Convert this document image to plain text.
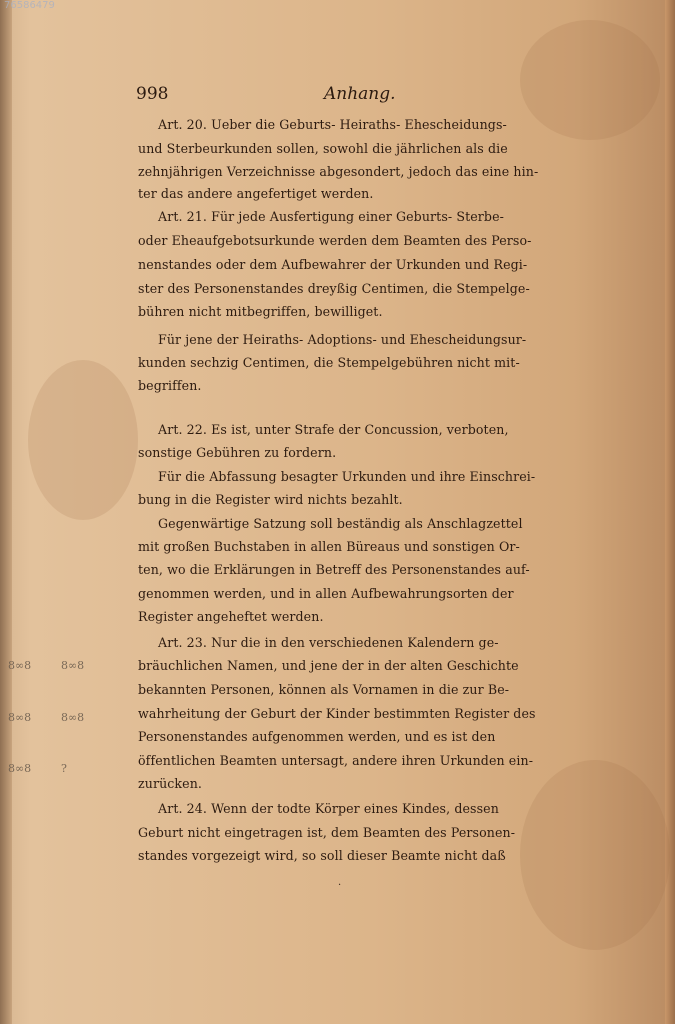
76586479
998	Anhang.
Art. 20. Ueber die Geburts- Heiraths- Ehescheidungs-
und Sterbeurkunden sollen, sowohl die jährlichen als die
zehnjährigen Verzeichnisse abgesondert, jedoch das eine hin-
ter das andere angefertiget werden.
Art. 21. Für jede Ausfertigung einer Geburts- Sterbe-
oder Eheaufgebotsurkunde werden dem Beamten des Perso-
nenstandes oder dem Aufbewahrer der Urkunden und Regi-
ster des Personenstandes dreyßig Centimen, die Stempelge-
bühren nicht mitbegriffen, bewilliget.
Für jene der Heiraths- Adoptions- und Ehescheidungsur-
kunden sechzig Centimen, die Stempelgebühren nicht mit-
begriffen.
Art. 22. Es ist, unter Strafe der Concussion, verboten,
sonstige Gebühren zu fordern.
Für die Abfassung besagter Urkunden und ihre Einschrei-
bung in die Register wird nichts bezahlt.
Gegenwärtige Satzung soll beständig als Anschlagzettel
mit großen Buchstaben in allen Büreaus und sonstigen Or-
ten, wo die Erklärungen in Betreff des Personenstandes auf-
genommen werden, und in allen Aufbewahrungsorten der
Register angeheftet werden.
Art. 23. Nur die in den verschiedenen Kalendern ge-
bräuchlichen Namen, und jene der in der alten Geschichte
bekannten Personen, können als Vornamen in die zur Be-
wahrheitung der Geburt der Kinder bestimmten Register des
Personenstandes aufgenommen werden, und es ist den
öffentlichen Beamten untersagt, andere ihren Urkunden ein-
zurücken.
Art. 24. Wenn der todte Körper eines Kindes, dessen
Geburt nicht eingetragen ist, dem Beamten des Personen-
standes vorgezeigt wird, so soll dieser Beamte nicht daß
8∞8	8∞8
8∞8	8∞8
8∞8	?
·
